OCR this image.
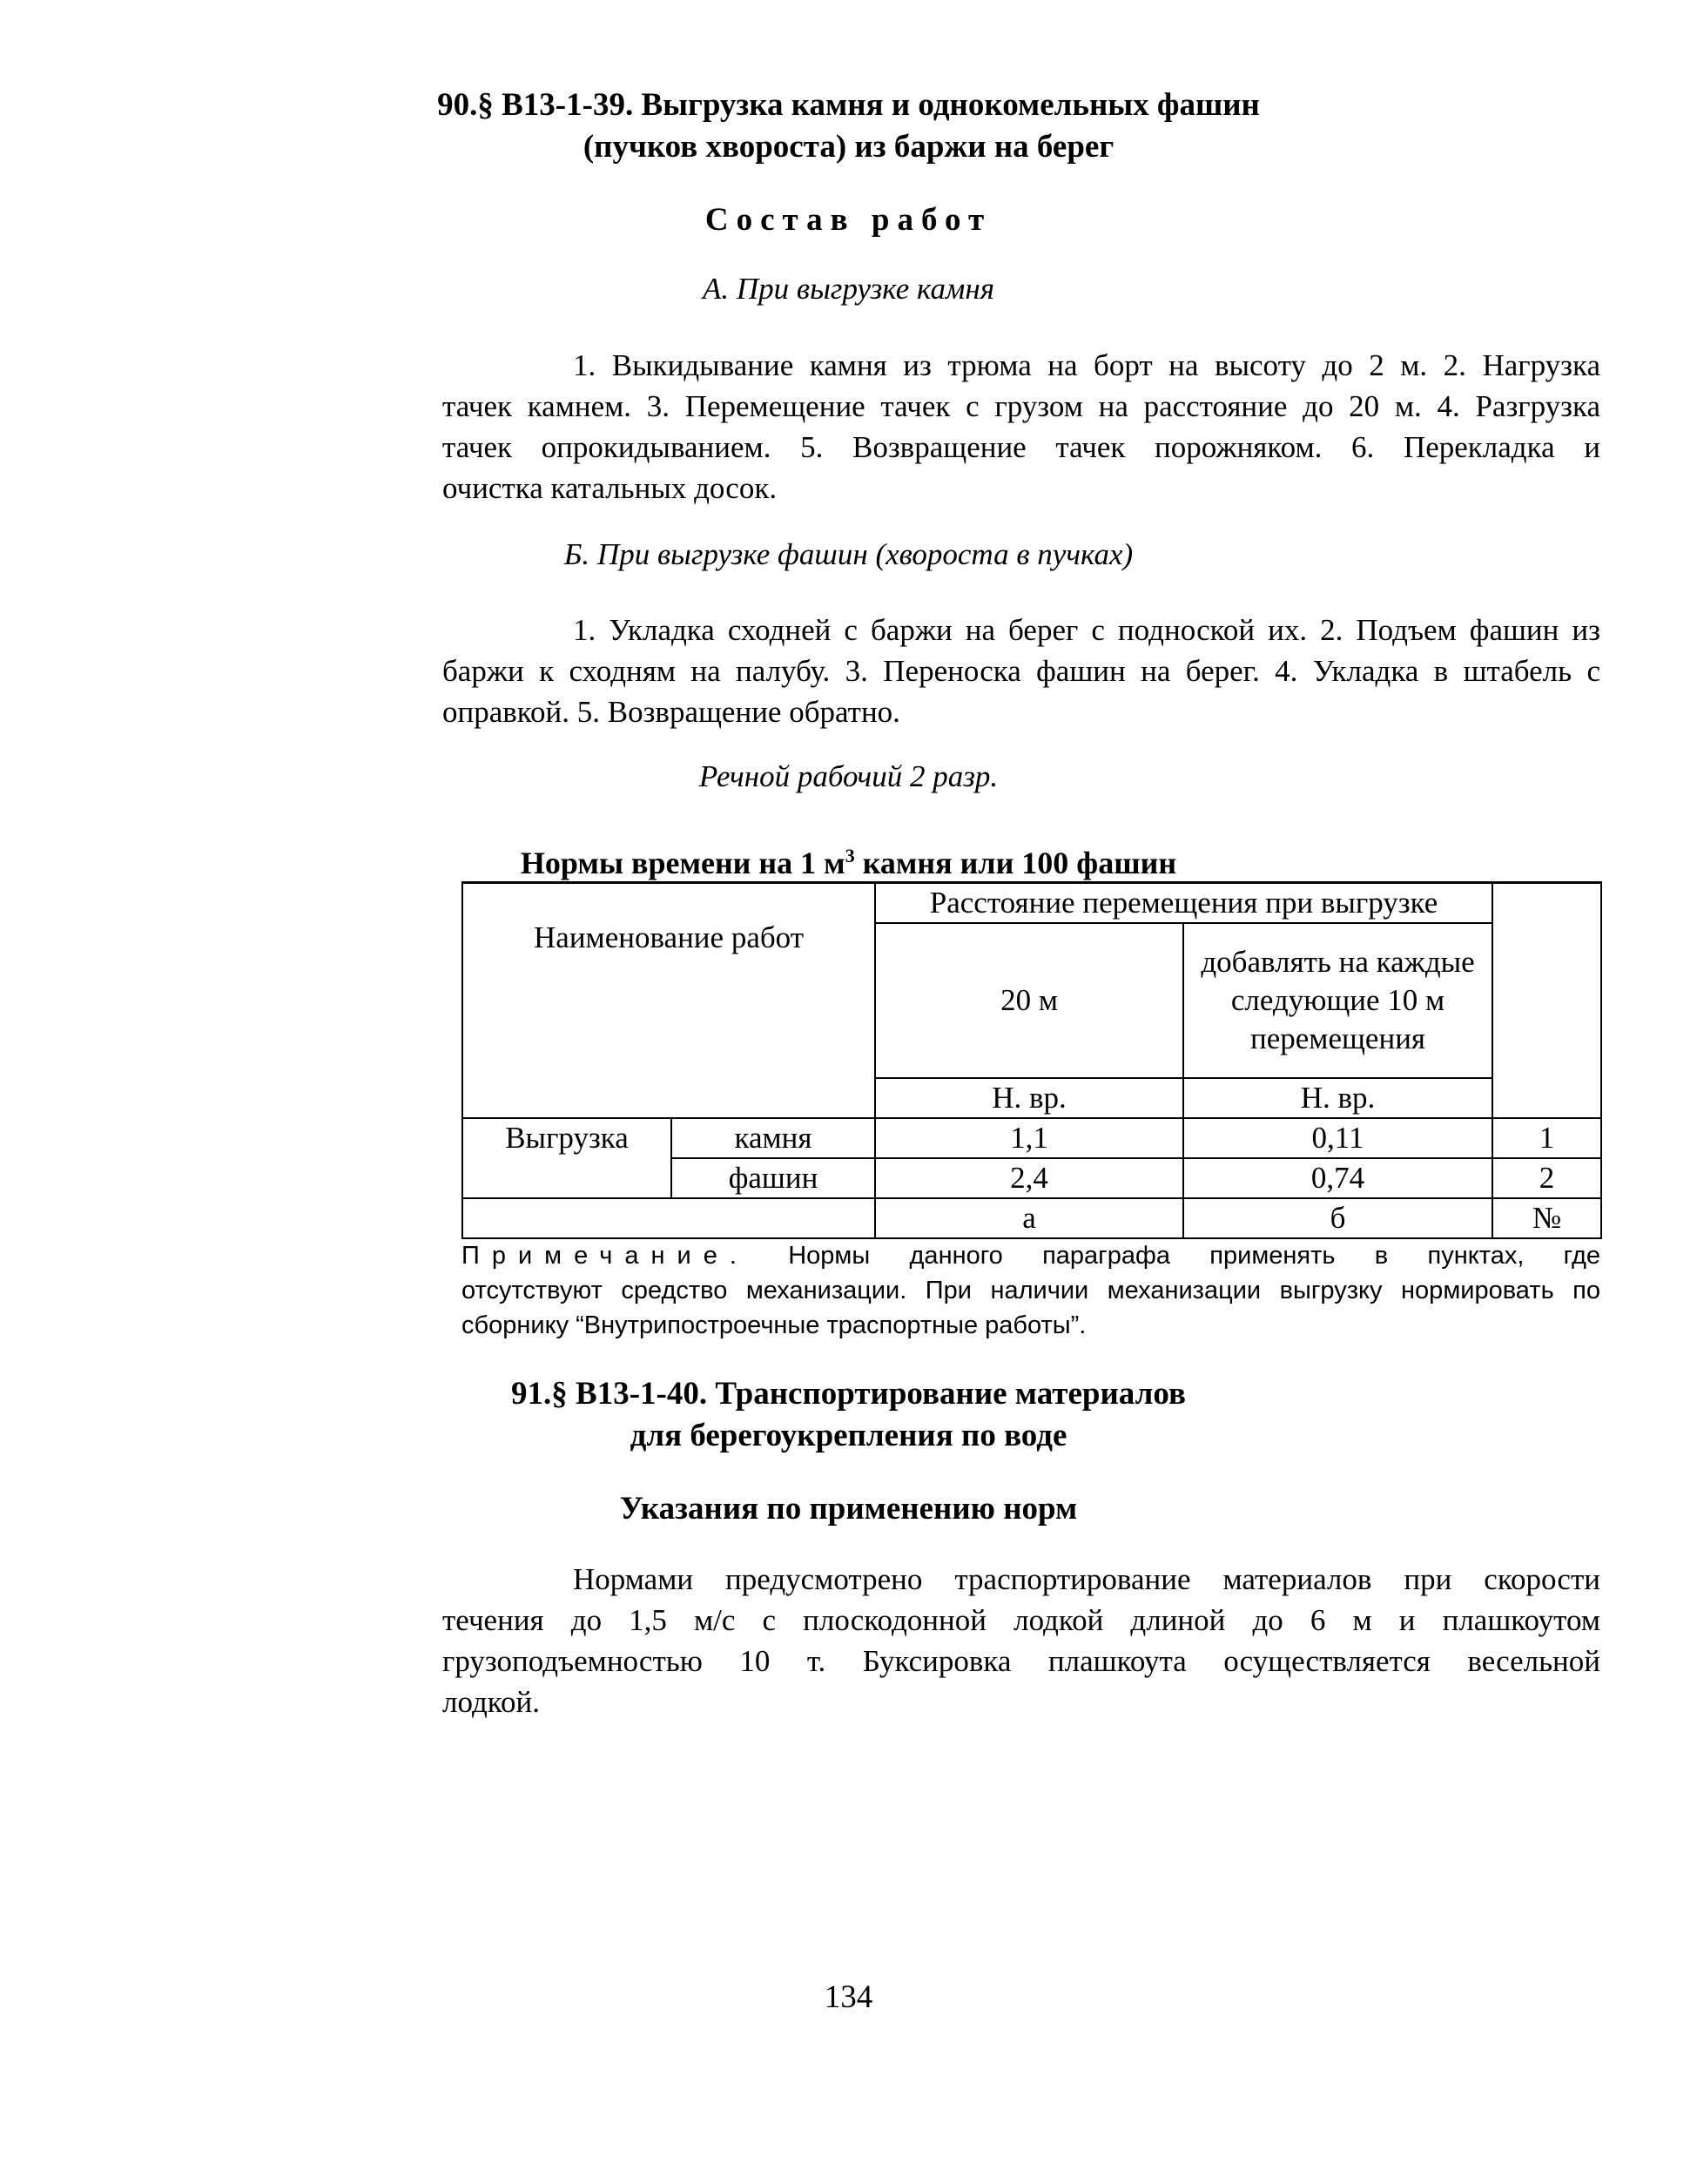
90.§ В13-1-39. Выгрузка камня и однокомельных фашин
(пучков хвороста) из баржи на берег
Состав работ
А. При выгрузке камня
1. Выкидывание камня из трюма на борт на высоту до 2 м. 2. Нагрузка
тачек камнем. 3. Перемещение тачек с грузом на расстояние до 20 м. 4. Разгрузка
тачек опрокидыванием. 5. Возвращение тачек порожняком. 6. Перекладка и
очистка катальных досок.
Б. При выгрузке фашин (хвороста в пучках)
1. Укладка сходней с баржи на берег с подноской их. 2. Подъем фашин из
баржи к сходням на палубу. 3. Переноска фашин на берег. 4. Укладка в штабель с
оправкой. 5. Возвращение обратно.
Речной рабочий 2 разр.
Нормы времени на 1 $м^3$ камня или 100 фашин
Наименование работ		Расстояние перемещения при выгрузке		
		20 м	добавлять на каждые следующие 10 м перемещения	
		Н. вр.	Н. вр.	
Выгрузка	камня	1,1	0,11	1
	фашин	2,4	0,74	2
		а	б	№
Примечание. Нормы данного параграфа применять в пунктах, где
отсутствуют средство механизации. При наличии механизации выгрузку нормировать по
сборнику “Внутрипостроечные траспортные работы”.
91.§ В13-1-40. Транспортирование материалов
для берегоукрепления по воде
Указания по применению норм
Нормами предусмотрено траспортирование материалов при скорости
течения до 1,5 м/с с плоскодонной лодкой длиной до 6 м и плашкоутом
грузоподъемностью 10 т. Буксировка плашкоута осуществляется весельной
лодкой.
134
